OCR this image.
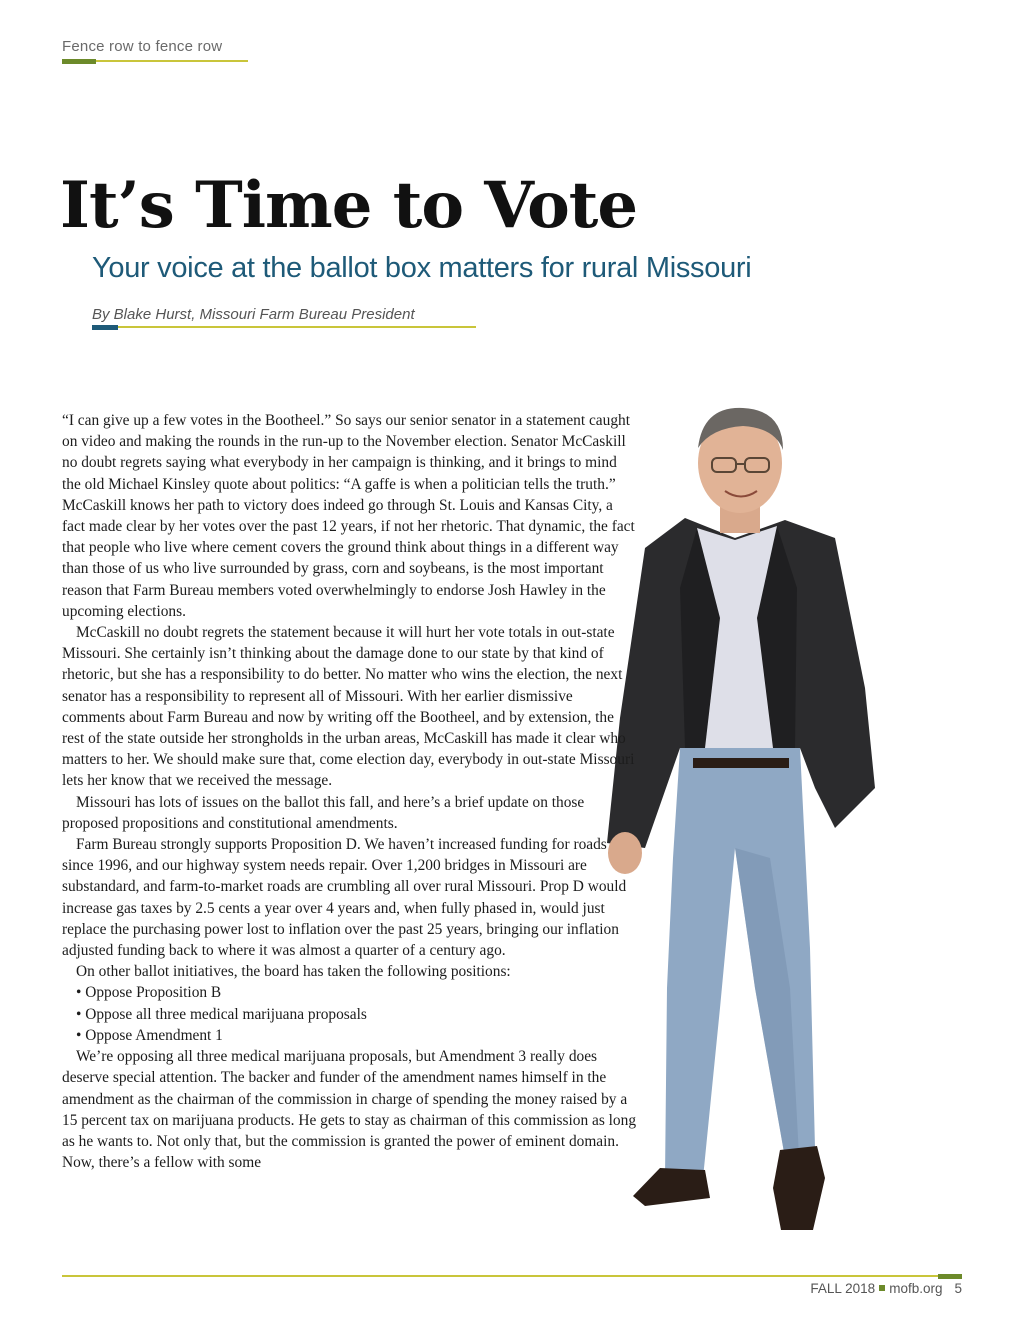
Fence row to fence row
It’s Time to Vote
Your voice at the ballot box matters for rural Missouri
By Blake Hurst, Missouri Farm Bureau President

“I can give up a few votes in the Bootheel.” So says our senior senator in a statement caught on video and making the rounds in the run-up to the November election. Senator McCaskill no doubt regrets saying what everybody in her campaign is thinking, and it brings to mind the old Michael Kinsley quote about politics: “A gaffe is when a politician tells the truth.” McCaskill knows her path to victory does indeed go through St. Louis and Kansas City, a fact made clear by her votes over the past 12 years, if not her rhetoric. That dynamic, the fact that people who live where cement covers the ground think about things in a different way than those of us who live surrounded by grass, corn and soybeans, is the most important reason that Farm Bureau members voted overwhelmingly to endorse Josh Hawley in the upcoming elections.

McCaskill no doubt regrets the statement because it will hurt her vote totals in out-state Missouri. She certainly isn’t thinking about the damage done to our state by that kind of rhetoric, but she has a responsibility to do better. No matter who wins the election, the next senator has a responsibility to represent all of Missouri. With her earlier dismissive comments about Farm Bureau and now by writing off the Bootheel, and by extension, the rest of the state outside her strongholds in the urban areas, McCaskill has made it clear who matters to her. We should make sure that, come election day, everybody in out-state Missouri lets her know that we received the message.

Missouri has lots of issues on the ballot this fall, and here’s a brief update on those proposed propositions and constitutional amendments.

Farm Bureau strongly supports Proposition D. We haven’t increased funding for roads since 1996, and our highway system needs repair. Over 1,200 bridges in Missouri are substandard, and farm-to-market roads are crumbling all over rural Missouri. Prop D would increase gas taxes by 2.5 cents a year over 4 years and, when fully phased in, would just replace the purchasing power lost to inflation over the past 25 years, bringing our inflation adjusted funding back to where it was almost a quarter of a century ago.

On other ballot initiatives, the board has taken the following positions:

• Oppose Proposition B

• Oppose all three medical marijuana proposals

• Oppose Amendment 1

We’re opposing all three medical marijuana proposals, but Amendment 3 really does deserve special attention. The backer and funder of the amendment names himself in the amendment as the chairman of the commission in charge of spending the money raised by a 15 percent tax on marijuana products. He gets to stay as chairman of this commission as long as he wants to. Not only that, but the commission is granted the power of eminent domain. Now, there’s a fellow with some

FALL 2018 mofb.org 5
